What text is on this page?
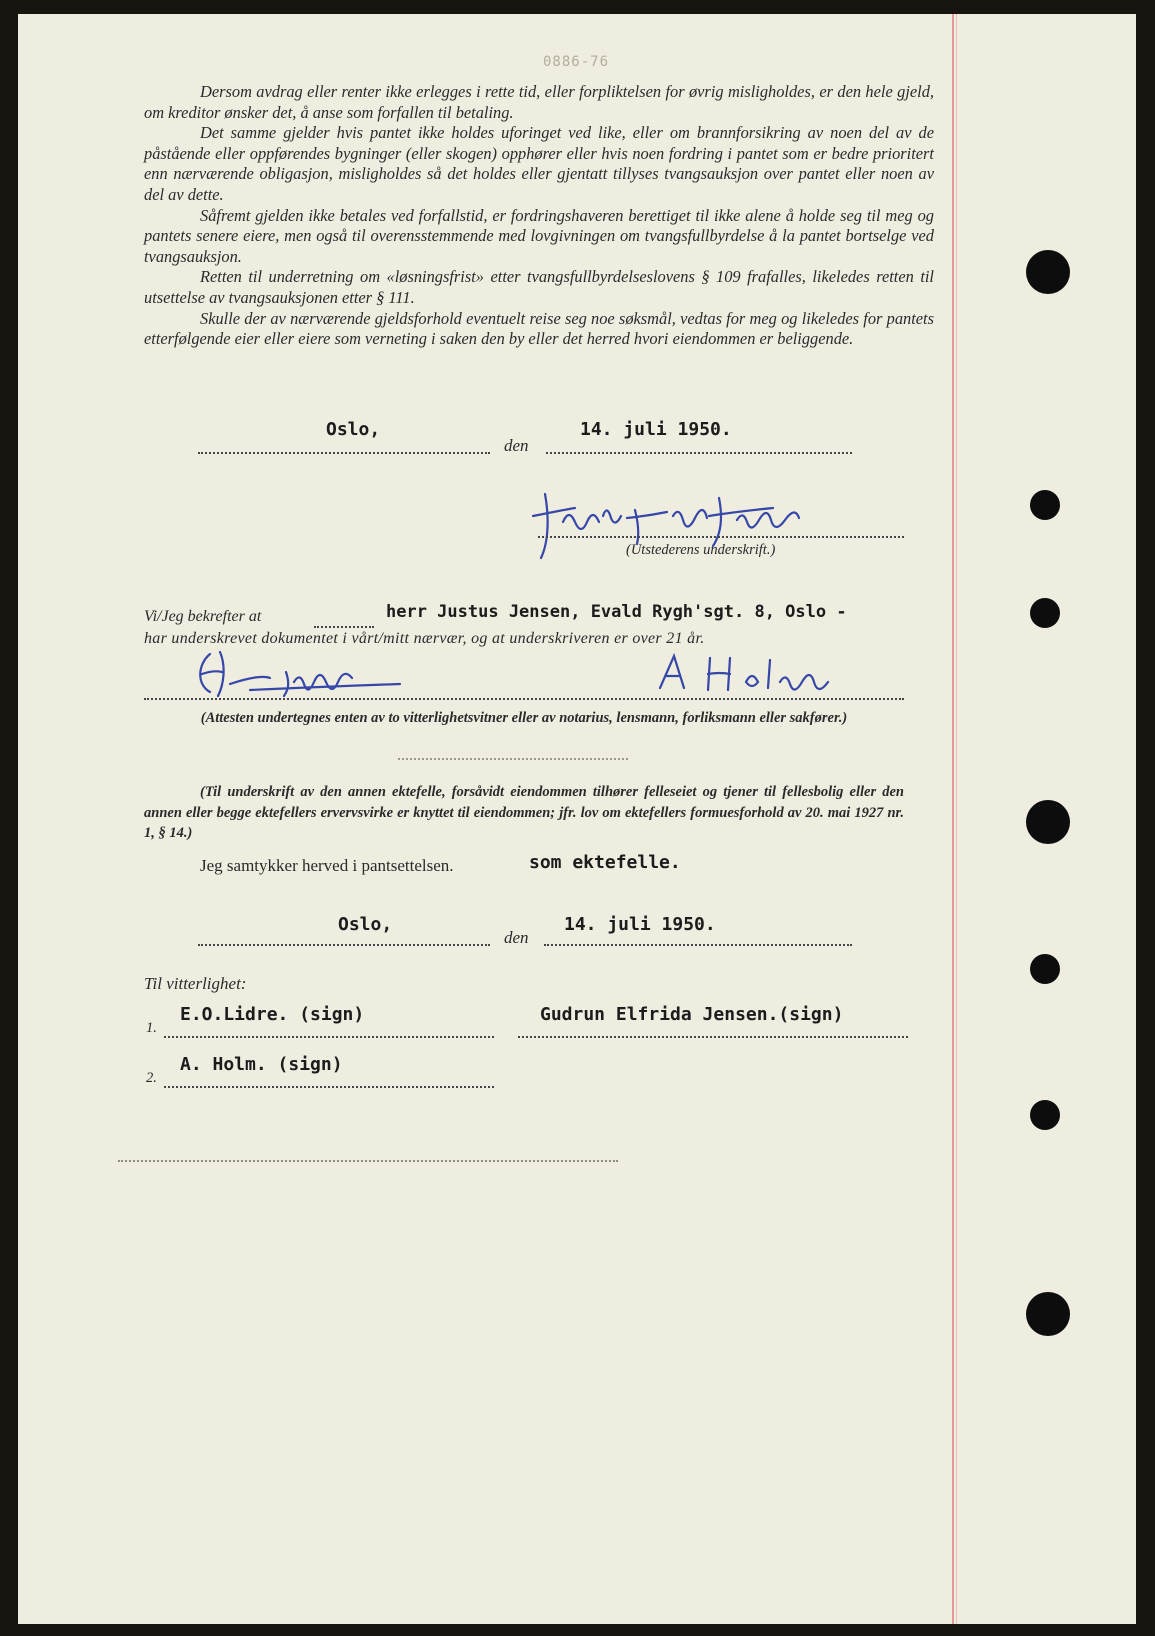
0886-76

Dersom avdrag eller renter ikke erlegges i rette tid, eller forpliktelsen for øvrig misligholdes, er den hele gjeld, om kreditor ønsker det, å anse som forfallen til betaling.

Det samme gjelder hvis pantet ikke holdes uforinget ved like, eller om brannforsikring av noen del av de påstående eller oppførendes bygninger (eller skogen) opphører eller hvis noen fordring i pantet som er bedre prioritert enn nærværende obligasjon, misligholdes så det holdes eller gjentatt tillyses tvangsauksjon over pantet eller noen av del av dette.

Såfremt gjelden ikke betales ved forfallstid, er fordringshaveren berettiget til ikke alene å holde seg til meg og pantets senere eiere, men også til overensstemmende med lovgivningen om tvangsfullbyrdelse å la pantet bortselge ved tvangsauksjon.

Retten til underretning om «løsningsfrist» etter tvangsfullbyrdelseslovens § 109 frafalles, likeledes retten til utsettelse av tvangsauksjonen etter § 111.

Skulle der av nærværende gjeldsforhold eventuelt reise seg noe søksmål, vedtas for meg og likeledes for pantets etterfølgende eier eller eiere som verneting i saken den by eller det herred hvori eiendommen er beliggende.

Oslo,
den
14. juli 1950.
(Utstederens underskrift.)
Vi/Jeg bekrefter at	herr Justus Jensen, Evald Rygh'sgt. 8, Oslo -
har underskrevet dokumentet i vårt/mitt nærvær, og at underskriveren er over 21 år.
(Attesten undertegnes enten av to vitterlighetsvitner eller av notarius, lensmann, forliksmann eller sakfører.)
(Til underskrift av den annen ektefelle, forsåvidt eiendommen tilhører felleseiet og tjener til fellesbolig eller den annen eller begge ektefellers ervervsvirke er knyttet til eiendommen; jfr. lov om ektefellers formuesforhold av 20. mai 1927 nr. 1, § 14.)
Jeg samtykker herved i pantsettelsen.	som ektefelle.
Oslo,
den
14. juli 1950.
Til vitterlighet:
1.
E.O.Lidre. (sign)	Gudrun Elfrida Jensen.(sign)
2.
A. Holm. (sign)
